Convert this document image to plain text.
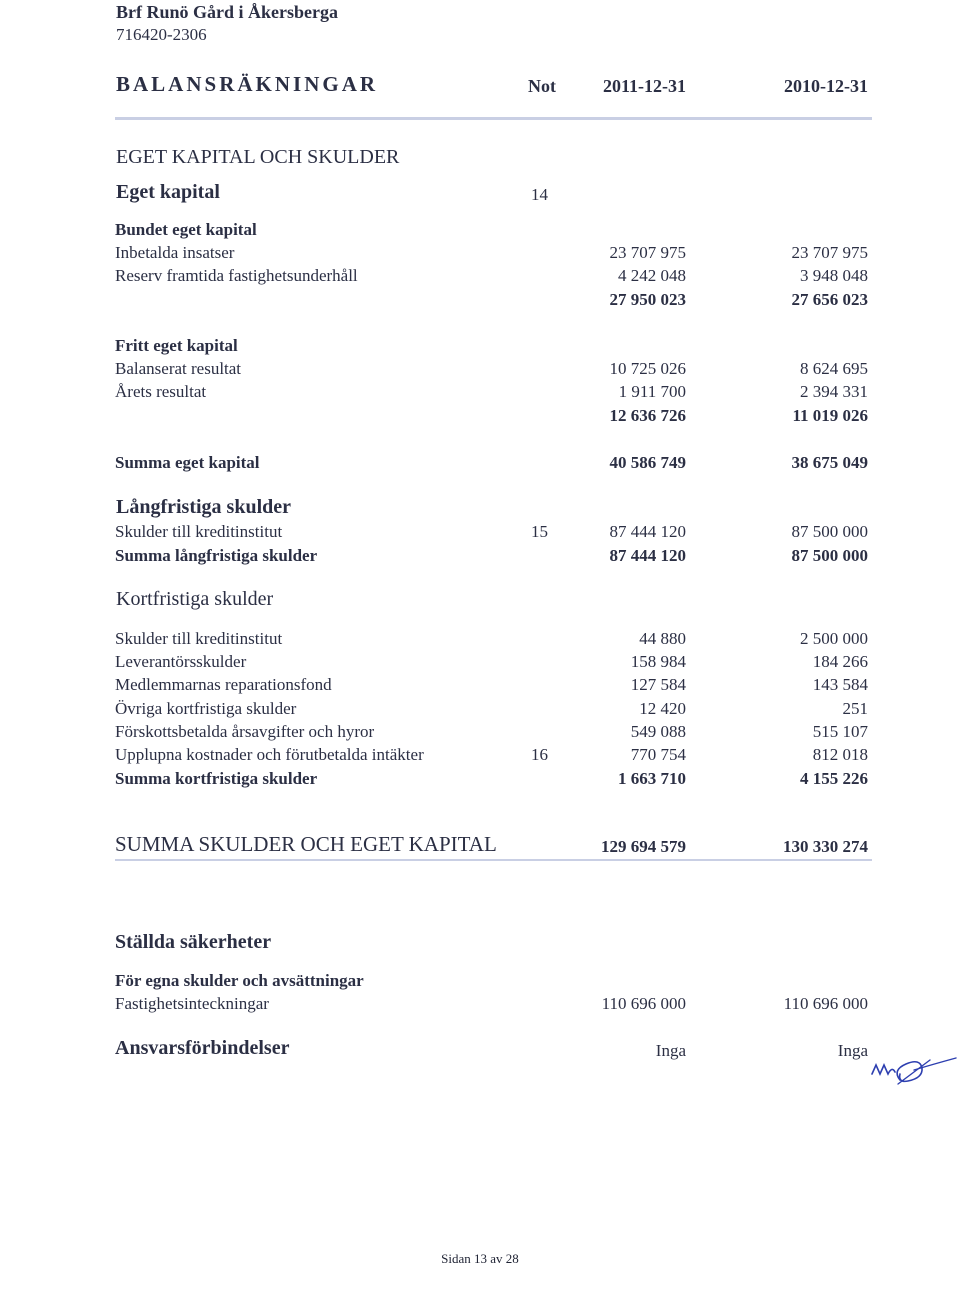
Brf Runö Gård i Åkersberga
716420-2306
BALANSRÄKNINGAR	Not	2011-12-31	2010-12-31
EGET KAPITAL OCH SKULDER
Eget kapital	14
Bundet eget kapital
Inbetalda insatser	23 707 975	23 707 975
Reserv framtida fastighetsunderhåll	4 242 048	3 948 048
27 950 023	27 656 023
Fritt eget kapital
Balanserat resultat	10 725 026	8 624 695
Årets resultat	1 911 700	2 394 331
12 636 726	11 019 026
Summa eget kapital	40 586 749	38 675 049
Långfristiga skulder
Skulder till kreditinstitut	15	87 444 120	87 500 000
Summa långfristiga skulder	87 444 120	87 500 000
Kortfristiga skulder
Skulder till kreditinstitut	44 880	2 500 000
Leverantörsskulder	158 984	184 266
Medlemmarnas reparationsfond	127 584	143 584
Övriga kortfristiga skulder	12 420	251
Förskottsbetalda årsavgifter och hyror	549 088	515 107
Upplupna kostnader och förutbetalda intäkter	16	770 754	812 018
Summa kortfristiga skulder	1 663 710	4 155 226
SUMMA SKULDER OCH EGET KAPITAL	129 694 579	130 330 274
Ställda säkerheter
För egna skulder och avsättningar
Fastighetsinteckningar	110 696 000	110 696 000
Ansvarsförbindelser	Inga	Inga
Sidan 13 av 28
